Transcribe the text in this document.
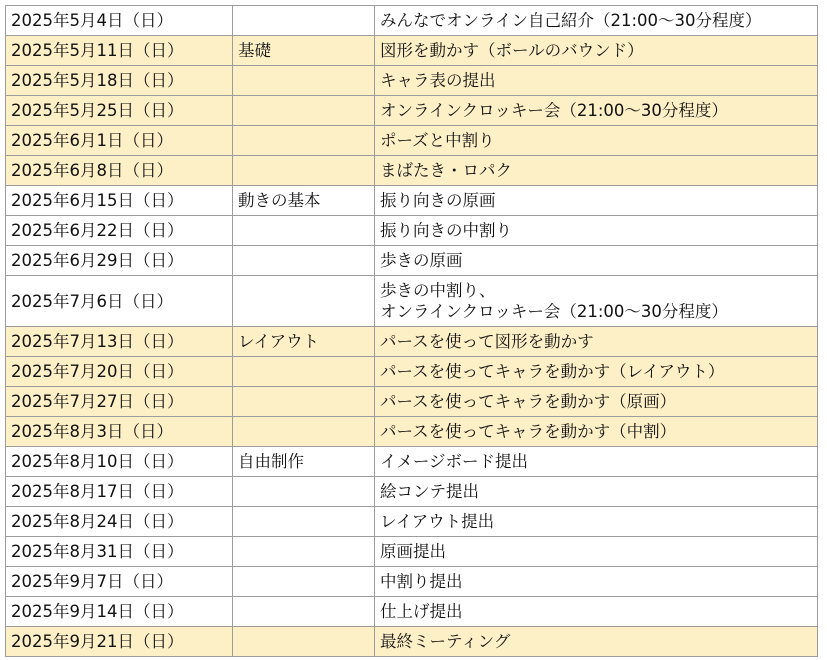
2025年5月4日（日）		みんなでオンライン自己紹介（21:00～30分程度）

2025年5月11日（日）	基礎	図形を動かす（ボールのバウンド）

2025年5月18日（日）		キャラ表の提出

2025年5月25日（日）		オンラインクロッキー会（21:00～30分程度）

2025年6月1日（日）		ポーズと中割り

2025年6月8日（日）		まばたき・ロパク

2025年6月15日（日）	動きの基本	振り向きの原画

2025年6月22日（日）		振り向きの中割り

2025年6月29日（日）		歩きの原画

2025年7月6日（日）		歩きの中割り、
オンラインクロッキー会（21:00～30分程度）

2025年7月13日（日）	レイアウト	パースを使って図形を動かす

2025年7月20日（日）		パースを使ってキャラを動かす（レイアウト）

2025年7月27日（日）		パースを使ってキャラを動かす（原画）

2025年8月3日（日）		パースを使ってキャラを動かす（中割）

2025年8月10日（日）	自由制作	イメージボード提出

2025年8月17日（日）		絵コンテ提出

2025年8月24日（日）		レイアウト提出

2025年8月31日（日）		原画提出

2025年9月7日（日）		中割り提出

2025年9月14日（日）		仕上げ提出

2025年9月21日（日）		最終ミーティング
